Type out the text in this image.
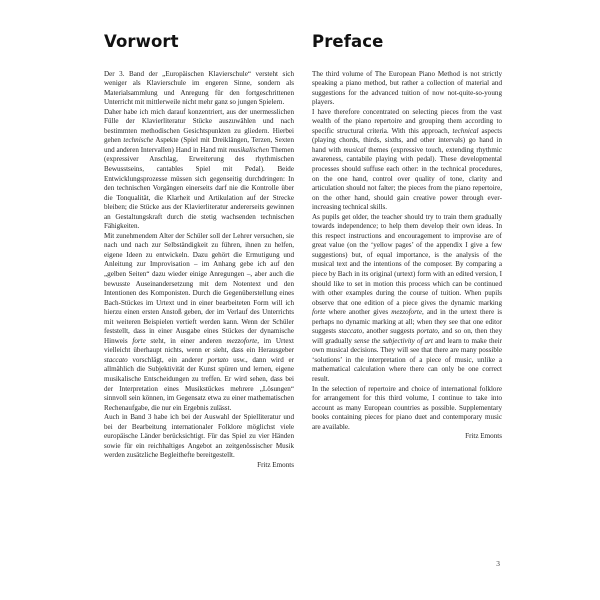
Vorwort

Der 3. Band der „Europäischen Klavierschule“ versteht sich weniger als Klavierschule im engeren Sinne, sondern als Materialsammlung und Anregung für den fortgeschrittenen Unterricht mit mittlerweile nicht mehr ganz so jungen Spielern.

Daher habe ich mich darauf konzentriert, aus der unermesslichen Fülle der Klavierliteratur Stücke auszuwählen und nach bestimmten methodischen Gesichtspunkten zu gliedern. Hierbei gehen technische Aspekte (Spiel mit Dreiklängen, Terzen, Sexten und anderen Intervallen) Hand in Hand mit musikalischen Themen (expressiver Anschlag, Erweiterung des rhythmischen Bewusstseins, cantables Spiel mit Pedal). Beide Entwicklungsprozesse müssen sich gegenseitig durchdringen: In den technischen Vorgängen einerseits darf nie die Kontrolle über die Tonqualität, die Klarheit und Artikulation auf der Strecke bleiben; die Stücke aus der Klavierliteratur andererseits gewinnen an Gestaltungskraft durch die stetig wachsenden technischen Fähigkeiten.

Mit zunehmendem Alter der Schüler soll der Lehrer versuchen, sie nach und nach zur Selbständigkeit zu führen, ihnen zu helfen, eigene Ideen zu entwickeln. Dazu gehört die Ermutigung und Anleitung zur Improvisation – im Anhang gebe ich auf den „gelben Seiten“ dazu wieder einige Anregungen –, aber auch die bewusste Auseinandersetzung mit dem Notentext und den Intentionen des Komponisten. Durch die Gegenüberstellung eines Bach-Stückes im Urtext und in einer bearbeiteten Form will ich hierzu einen ersten Anstoß geben, der im Verlauf des Unterrichts mit weiteren Beispielen vertieft werden kann. Wenn der Schüler feststellt, dass in einer Ausgabe eines Stückes der dynamische Hinweis forte steht, in einer anderen mezzoforte, im Urtext vielleicht überhaupt nichts, wenn er sieht, dass ein Herausgeber staccato vorschlägt, ein anderer portato usw., dann wird er allmählich die Subjektivität der Kunst spüren und lernen, eigene musikalische Entscheidungen zu treffen. Er wird sehen, dass bei der Interpretation eines Musikstückes mehrere „Lösungen“ sinnvoll sein können, im Gegensatz etwa zu einer mathematischen Rechenaufgabe, die nur ein Ergebnis zulässt.

Auch in Band 3 habe ich bei der Auswahl der Spielliteratur und bei der Bearbeitung internationaler Folklore möglichst viele europäische Länder berücksichtigt. Für das Spiel zu vier Händen sowie für ein reichhaltiges Angebot an zeitgenössischer Musik werden zusätzliche Begleithefte bereitgestellt.

Fritz Emonts
Preface

The third volume of The European Piano Method is not strictly speaking a piano method, but rather a collection of material and suggestions for the advanced tuition of now not-quite-so-young players.

I have therefore concentrated on selecting pieces from the vast wealth of the piano repertoire and grouping them according to specific structural criteria. With this approach, technical aspects (playing chords, thirds, sixths, and other intervals) go hand in hand with musical themes (expressive touch, extending rhythmic awareness, cantabile playing with pedal). These developmental processes should suffuse each other: in the technical procedures, on the one hand, control over quality of tone, clarity and articulation should not falter; the pieces from the piano repertoire, on the other hand, should gain creative power through ever-increasing technical skills.

As pupils get older, the teacher should try to train them gradually towards independence; to help them develop their own ideas. In this respect instructions and encouragement to improvise are of great value (on the ‘yellow pages’ of the appendix I give a few suggestions) but, of equal importance, is the analysis of the musical text and the intentions of the composer. By comparing a piece by Bach in its original (urtext) form with an edited version, I should like to set in motion this process which can be continued with other examples during the course of tuition. When pupils observe that one edition of a piece gives the dynamic marking forte where another gives mezzoforte, and in the urtext there is perhaps no dynamic marking at all; when they see that one editor suggests staccato, another suggests portato, and so on, then they will gradually sense the subjectivity of art and learn to make their own musical decisions. They will see that there are many possible ‘solutions’ in the interpretation of a piece of music, unlike a mathematical calculation where there can only be one correct result.

In the selection of repertoire and choice of international folklore for arrangement for this third volume, I continue to take into account as many European countries as possible. Supplementary books containing pieces for piano duet and contemporary music are available.

Fritz Emonts
3
